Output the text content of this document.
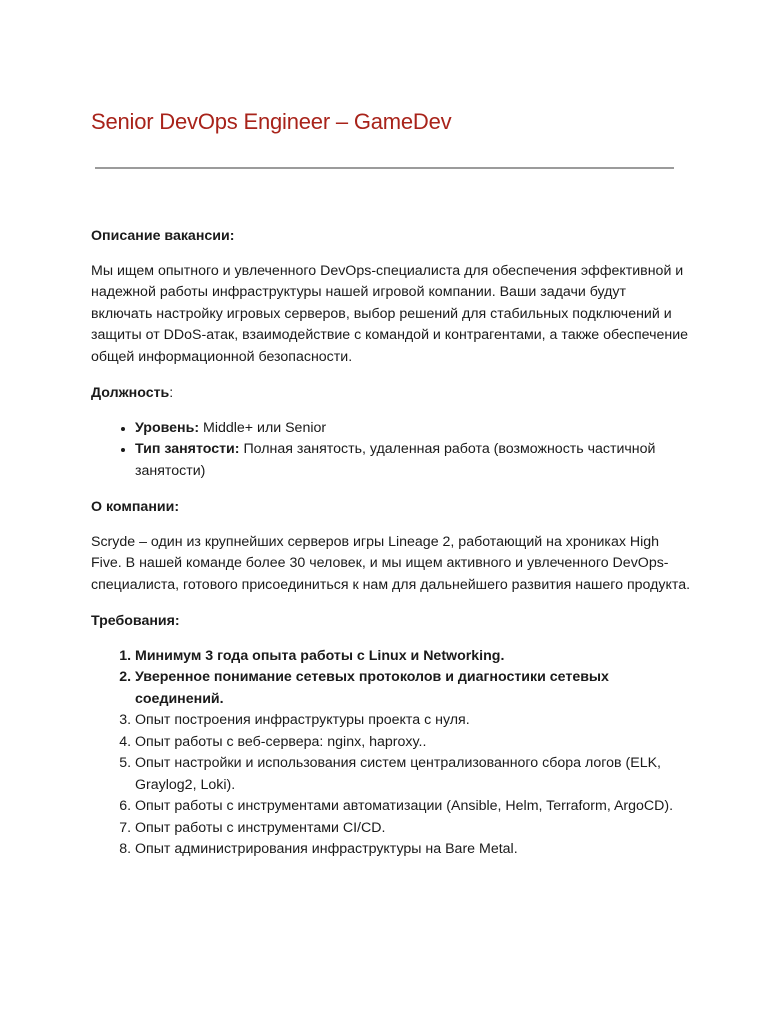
Senior DevOps Engineer – GameDev

Описание вакансии:

Мы ищем опытного и увлеченного DevOps-специалиста для обеспечения эффективной и надежной работы инфраструктуры нашей игровой компании. Ваши задачи будут включать настройку игровых серверов, выбор решений для стабильных подключений и защиты от DDoS-атак, взаимодействие с командой и контрагентами, а также обеспечение общей информационной безопасности.

Должность:

• Уровень: Middle+ или Senior
• Тип занятости: Полная занятость, удаленная работа (возможность частичной занятости)

О компании:

Scryde – один из крупнейших серверов игры Lineage 2, работающий на хрониках High Five. В нашей команде более 30 человек, и мы ищем активного и увлеченного DevOps-специалиста, готового присоединиться к нам для дальнейшего развития нашего продукта.

Требования:

1. Минимум 3 года опыта работы с Linux и Networking.
2. Уверенное понимание сетевых протоколов и диагностики сетевых соединений.
3. Опыт построения инфраструктуры проекта с нуля.
4. Опыт работы с веб-сервера: nginx, haproxy..
5. Опыт настройки и использования систем централизованного сбора логов (ELK, Graylog2, Loki).
6. Опыт работы с инструментами автоматизации (Ansible, Helm, Terraform, ArgoCD).
7. Опыт работы с инструментами CI/CD.
8. Опыт администрирования инфраструктуры на Bare Metal.
